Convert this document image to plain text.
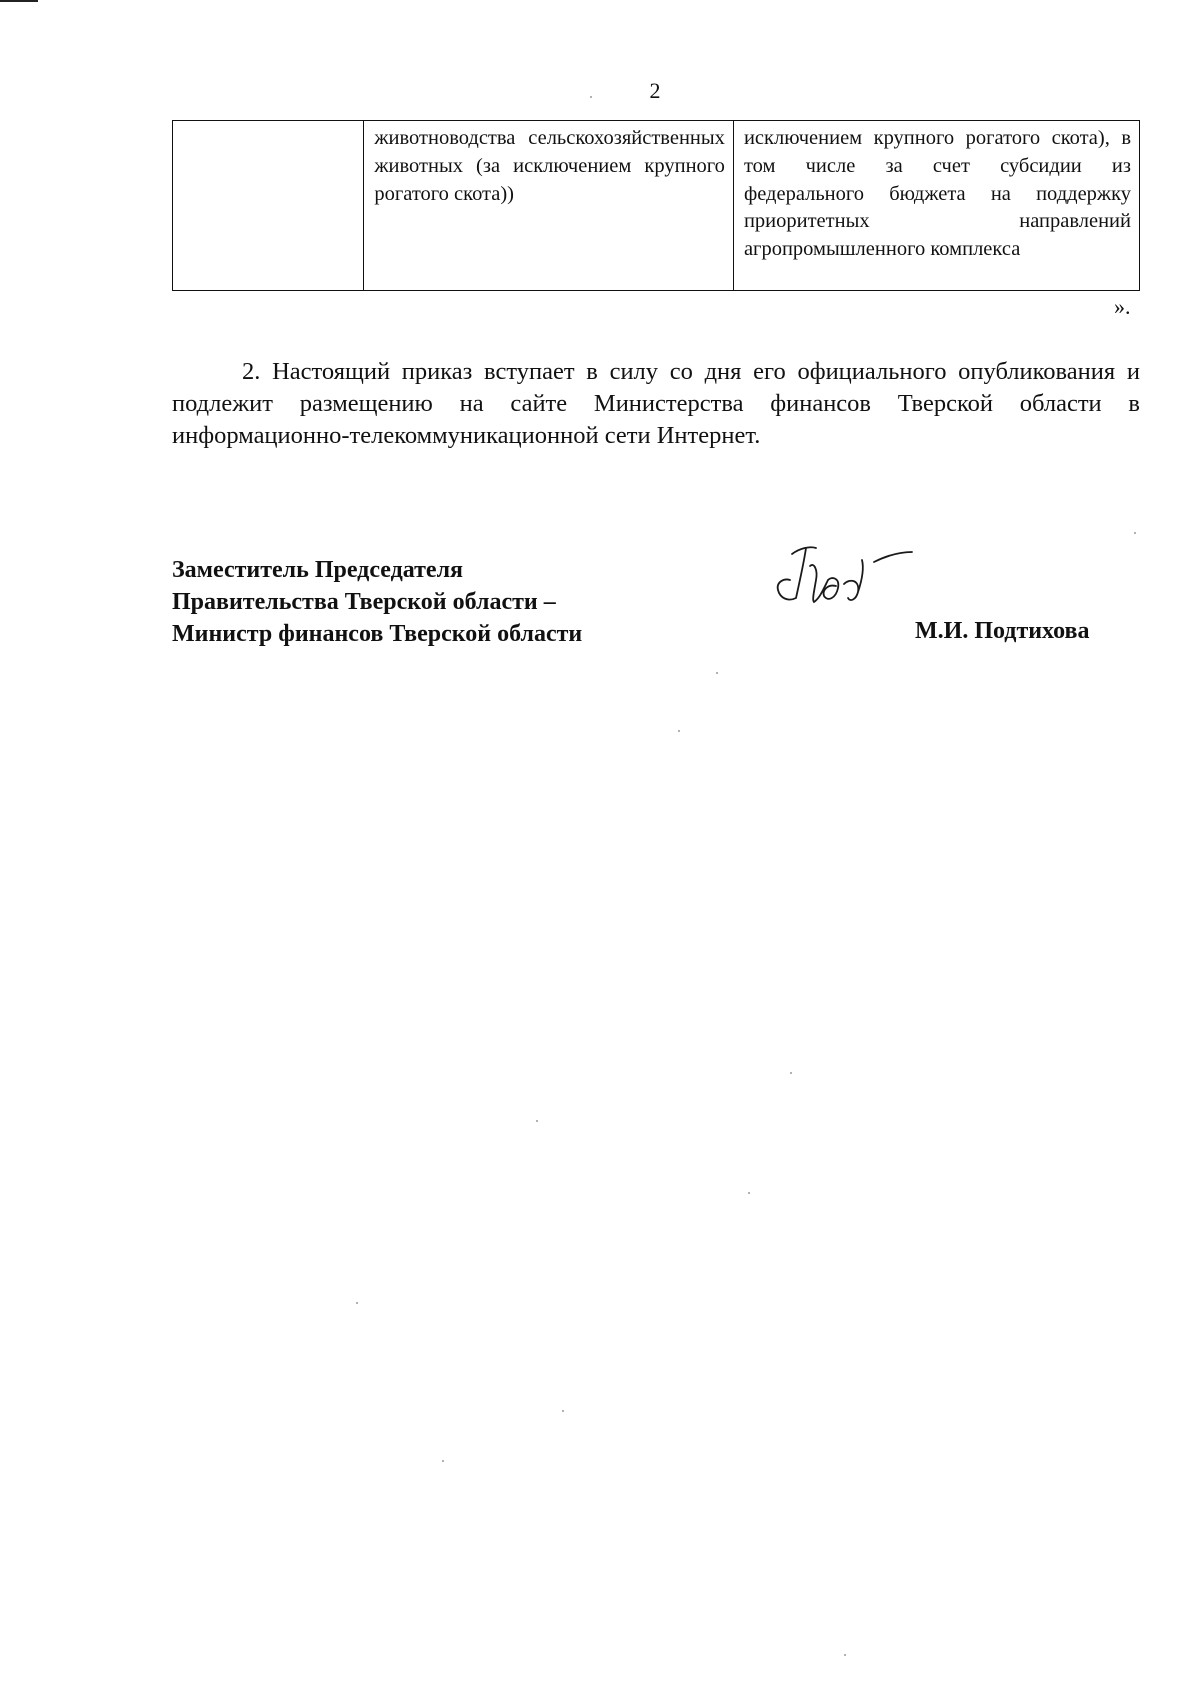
2
	животноводства сельскохозяйственных животных (за исключением крупного рогатого скота))	исключением крупного рогатого скота), в том числе за счет субсидии из федерального бюджета на поддержку приоритетных направлений агропромышленного комплекса
».
2. Настоящий приказ вступает в силу со дня его официального опубликования и подлежит размещению на сайте Министерства финансов Тверской области в информационно-телекоммуникационной сети Интернет.
Заместитель Председателя
Правительства Тверской области –
Министр финансов Тверской области	М.И. Подтихова
